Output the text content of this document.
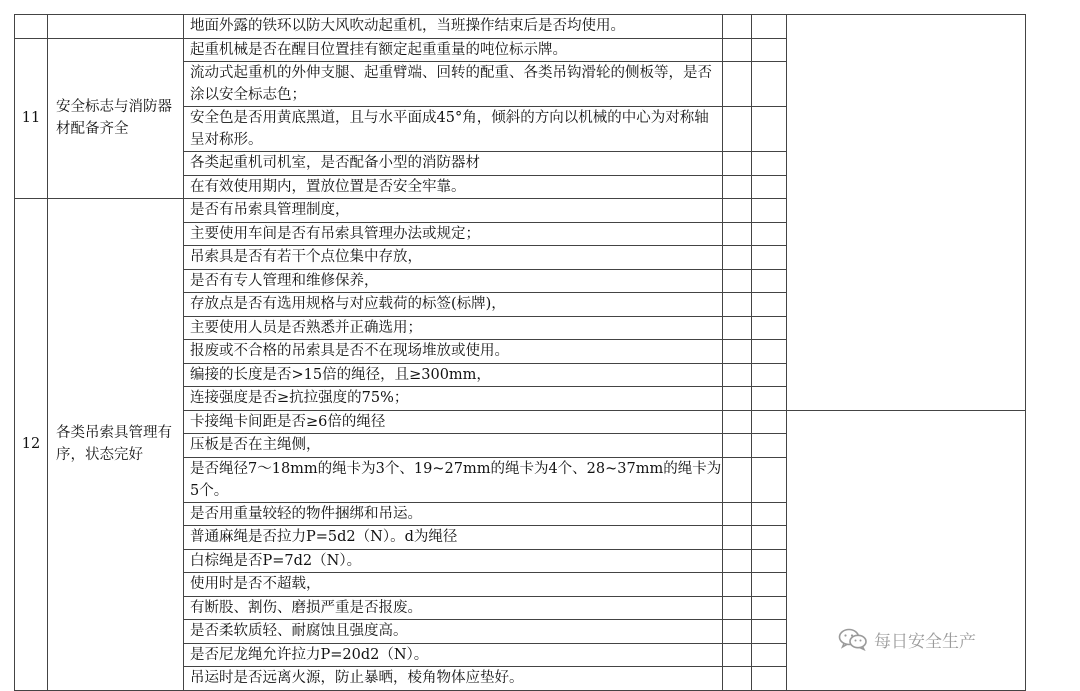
		地面外露的铁环以防大风吹动起重机，当班操作结束后是否均使用。			
11	安全标志与消防器材配备齐全	起重机械是否在醒目位置挂有额定起重重量的吨位标示牌。			
		流动式起重机的外伸支腿、起重臂端、回转的配重、各类吊钩滑轮的侧板等，是否涂以安全标志色；			
		安全色是否用黄底黑道，且与水平面成45°角，倾斜的方向以机械的中心为对称轴呈对称形。			
		各类起重机司机室，是否配备小型的消防器材			
		在有效使用期内，置放位置是否安全牢靠。			
12	各类吊索具管理有序，状态完好	是否有吊索具管理制度，			
		主要使用车间是否有吊索具管理办法或规定；			
		吊索具是否有若干个点位集中存放，			
		是否有专人管理和维修保养，			
		存放点是否有选用规格与对应载荷的标签(标牌)，			
		主要使用人员是否熟悉并正确选用；			
		报废或不合格的吊索具是否不在现场堆放或使用。			
		编接的长度是否>15倍的绳径，且≥300mm，			
		连接强度是否≥抗拉强度的75%；			
		卡接绳卡间距是否≥6倍的绳径			
		压板是否在主绳侧，			
		是否绳径7～18mm的绳卡为3个、19~27mm的绳卡为4个、28~37mm的绳卡为5个。			
		是否用重量较轻的物件捆绑和吊运。			
		普通麻绳是否拉力P=5d2（N）。d为绳径			
		白棕绳是否P=7d2（N）。			
		使用时是否不超载，			
		有断股、割伤、磨损严重是否报废。			
		是否柔软质轻、耐腐蚀且强度高。			
		是否尼龙绳允许拉力P=20d2（N）。			
		吊运时是否远离火源，防止暴晒，棱角物体应垫好。			
每日安全生产
